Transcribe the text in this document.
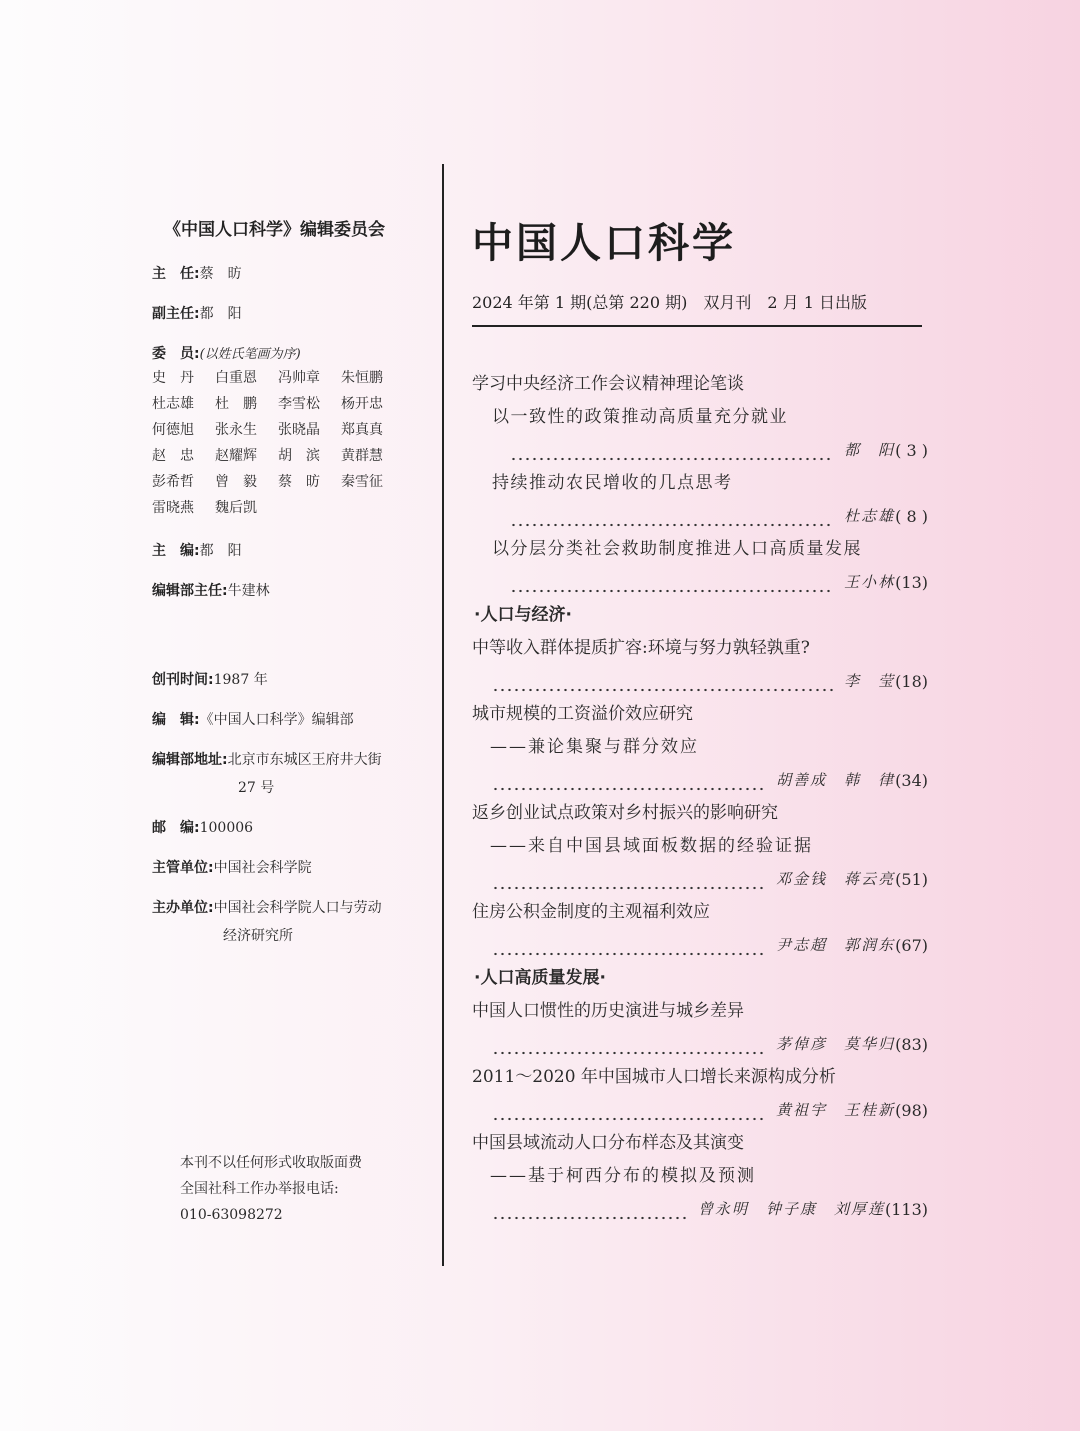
《中国人口科学》编辑委员会
主　任:蔡　昉
副主任:都　阳
委　员:(以姓氏笔画为序)
史　丹	白重恩	冯帅章	朱恒鹏
杜志雄	杜　鹏	李雪松	杨开忠
何德旭	张永生	张晓晶	郑真真
赵　忠	赵耀辉	胡　滨	黄群慧
彭希哲	曾　毅	蔡　昉	秦雪征
雷晓燕	魏后凯
主　编:都　阳
编辑部主任:牛建林
创刊时间:1987 年
编　辑:《中国人口科学》编辑部
编辑部地址:北京市东城区王府井大街
27 号
邮　编:100006
主管单位:中国社会科学院
主办单位:中国社会科学院人口与劳动
经济研究所
本刊不以任何形式收取版面费
全国社科工作办举报电话:
010-63098272
中国人口科学
2024 年第 1 期(总第 220 期)　双月刊　2 月 1 日出版
学习中央经济工作会议精神理论笔谈
以一致性的政策推动高质量充分就业
都　阳 ( 3 )
持续推动农民增收的几点思考
杜志雄 ( 8 )
以分层分类社会救助制度推进人口高质量发展
王小林 (13)
·人口与经济·
中等收入群体提质扩容:环境与努力孰轻孰重?
李　莹 (18)
城市规模的工资溢价效应研究
——兼论集聚与群分效应
胡善成　韩　律 (34)
返乡创业试点政策对乡村振兴的影响研究
——来自中国县域面板数据的经验证据
邓金钱　蒋云亮 (51)
住房公积金制度的主观福利效应
尹志超　郭润东 (67)
·人口高质量发展·
中国人口惯性的历史演进与城乡差异
茅倬彦　莫华归 (83)
2011～2020 年中国城市人口增长来源构成分析
黄祖宇　王桂新 (98)
中国县域流动人口分布样态及其演变
——基于柯西分布的模拟及预测
曾永明　钟子康　刘厚莲 (113)
